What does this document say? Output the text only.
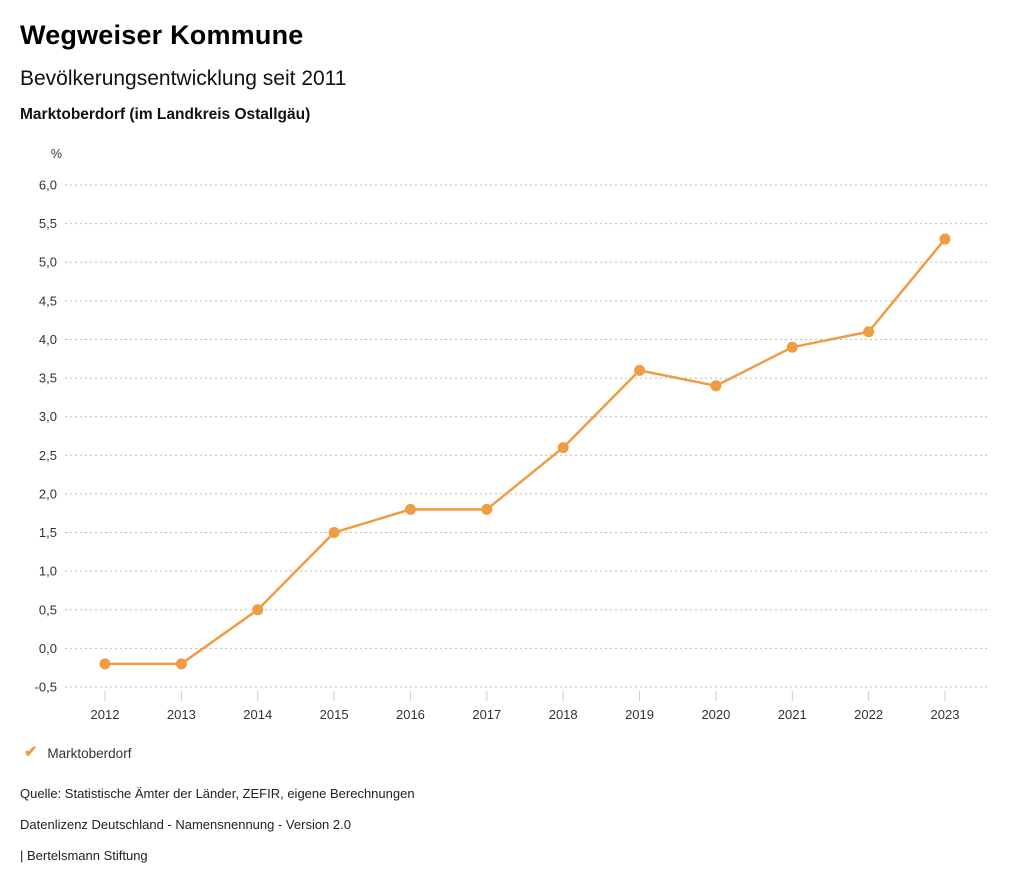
Wegweiser Kommune
Bevölkerungsentwicklung seit 2011
Marktoberdorf (im Landkreis Ostallgäu)
%
6,0
5,5
5,0
4,5
4,0
3,5
3,0
2,5
2,0
1,5
1,0
0,5
0,0
-0,5
2012	2013	2014	2015	2016	2017	2018	2019	2020	2021	2022	2023
✔ Marktoberdorf
Quelle: Statistische Ämter der Länder, ZEFIR, eigene Berechnungen
Datenlizenz Deutschland - Namensnennung - Version 2.0
| Bertelsmann Stiftung
